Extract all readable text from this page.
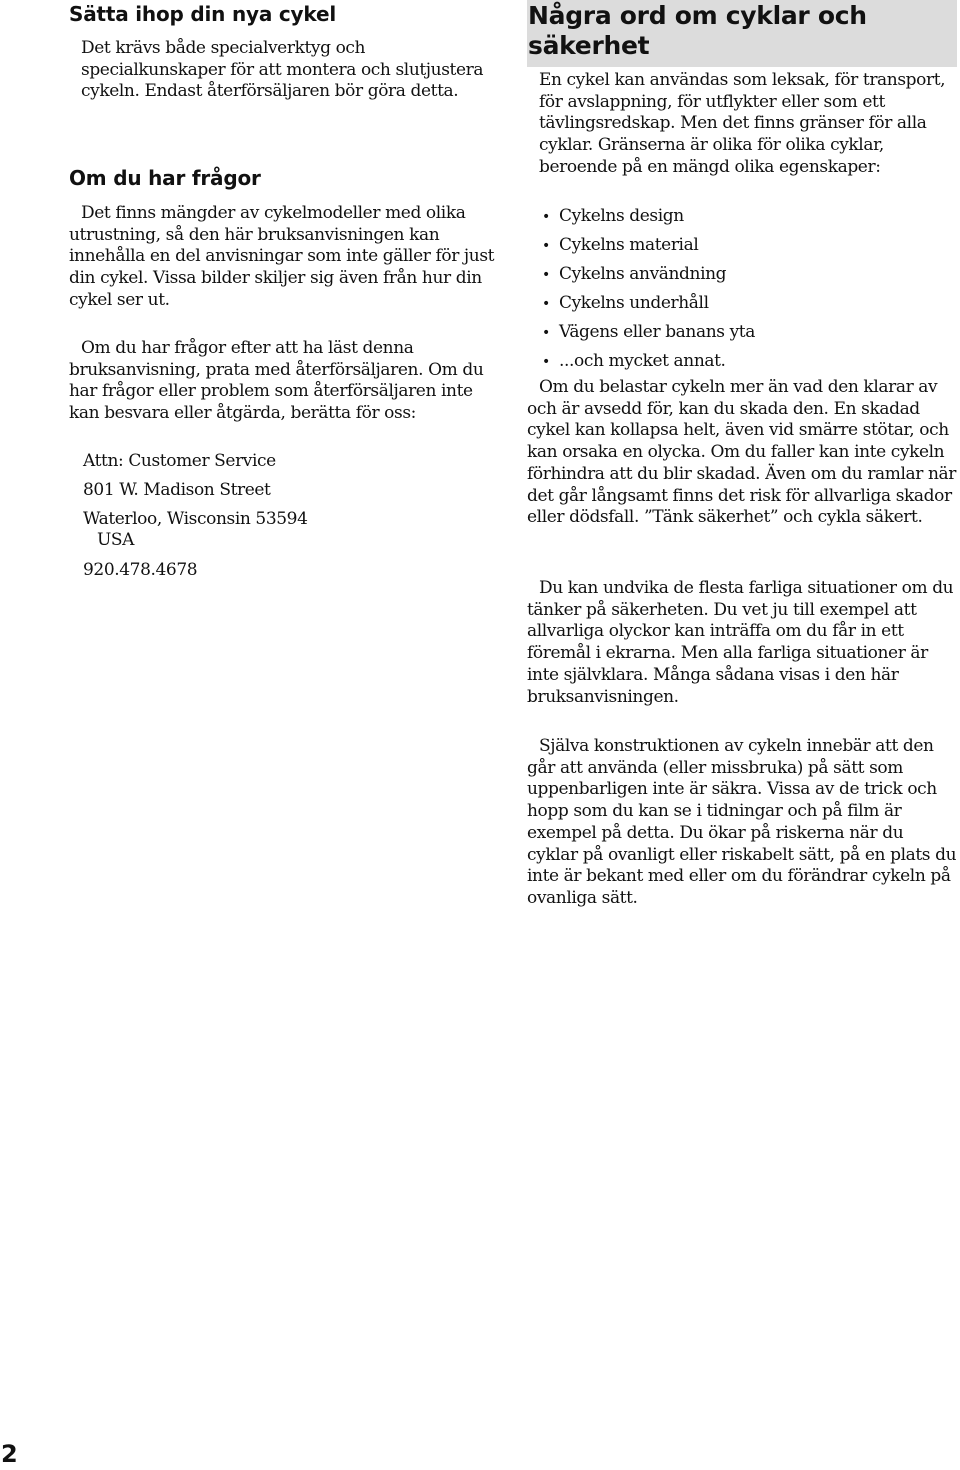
Sätta ihop din nya cykel

Det krävs både specialverktyg och specialkunskaper för att montera och slutjustera cykeln. Endast återförsäljaren bör göra detta.

Om du har frågor

Det finns mängder av cykelmodeller med olika utrustning, så den här bruksanvisningen kan innehålla en del anvisningar som inte gäller för just din cykel. Vissa bilder skiljer sig även från hur din cykel ser ut.

Om du har frågor efter att ha läst denna bruksanvisning, prata med återförsäljaren. Om du har frågor eller problem som återförsäljaren inte kan besvara eller åtgärda, berätta för oss:

Attn: Customer Service

801 W. Madison Street

Waterloo, Wisconsin 53594

USA

920.478.4678

Några ord om cyklar och säkerhet

En cykel kan användas som leksak, för transport, för avslappning, för utflykter eller som ett tävlingsredskap. Men det finns gränser för alla cyklar. Gränserna är olika för olika cyklar, beroende på en mängd olika egenskaper:

• Cykelns design
• Cykelns material
• Cykelns användning
• Cykelns underhåll
• Vägens eller banans yta
• ...och mycket annat.

Om du belastar cykeln mer än vad den klarar av och är avsedd för, kan du skada den. En skadad cykel kan kollapsa helt, även vid smärre stötar, och kan orsaka en olycka. Om du faller kan inte cykeln förhindra att du blir skadad. Även om du ramlar när det går långsamt finns det risk för allvarliga skador eller dödsfall. ”Tänk säkerhet” och cykla säkert.

Du kan undvika de flesta farliga situationer om du tänker på säkerheten. Du vet ju till exempel att allvarliga olyckor kan inträffa om du får in ett föremål i ekrarna. Men alla farliga situationer är inte självklara. Många sådana visas i den här bruksanvisningen.

Själva konstruktionen av cykeln innebär att den går att använda (eller missbruka) på sätt som uppenbarligen inte är säkra. Vissa av de trick och hopp som du kan se i tidningar och på film är exempel på detta. Du ökar på riskerna när du cyklar på ovanligt eller riskabelt sätt, på en plats du inte är bekant med eller om du förändrar cykeln på ovanliga sätt.

2
